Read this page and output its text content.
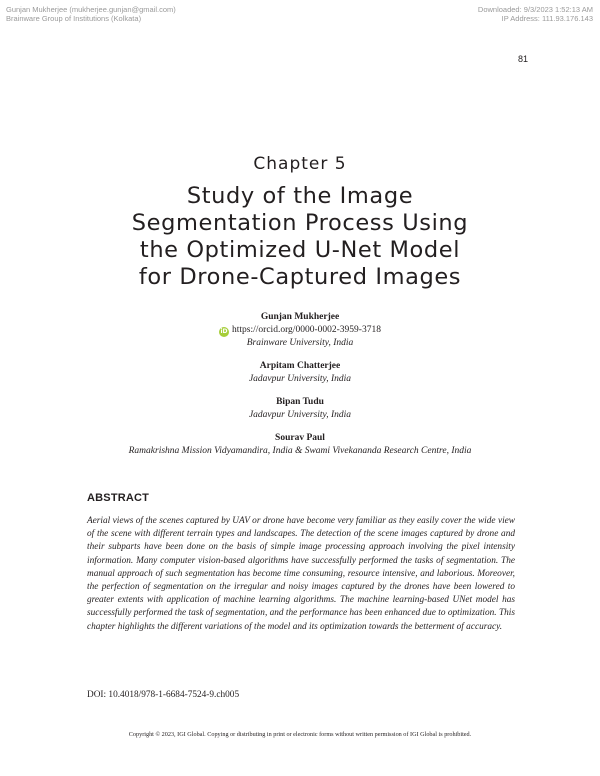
Gunjan Mukherjee (mukherjee.gunjan@gmail.com)
Brainware Group of Institutions (Kolkata)
Downloaded: 9/3/2023 1:52:13 AM
IP Address: 111.93.176.143
81
Chapter 5
Study of the Image
Segmentation Process Using
the Optimized U-Net Model
for Drone-Captured Images
Gunjan Mukherjee
iD https://orcid.org/0000-0002-3959-3718
Brainware University, India
Arpitam Chatterjee
Jadavpur University, India
Bipan Tudu
Jadavpur University, India
Sourav Paul
Ramakrishna Mission Vidyamandira, India & Swami Vivekananda Research Centre, India
ABSTRACT

Aerial views of the scenes captured by UAV or drone have become very familiar as they easily cover the wide view of the scene with different terrain types and landscapes. The detection of the scene images captured by drone and their subparts have been done on the basis of simple image processing approach involving the pixel intensity information. Many computer vision-based algorithms have successfully performed the tasks of segmentation. The manual approach of such segmentation has become time consuming, resource intensive, and laborious. Moreover, the perfection of segmentation on the irregular and noisy images captured by the drones have been lowered to greater extents with application of machine learning algorithms. The machine learning-based UNet model has successfully performed the task of segmentation, and the performance has been enhanced due to optimization. This chapter highlights the different variations of the model and its optimization towards the betterment of accuracy.

DOI: 10.4018/978-1-6684-7524-9.ch005
Copyright © 2023, IGI Global. Copying or distributing in print or electronic forms without written permission of IGI Global is prohibited.
